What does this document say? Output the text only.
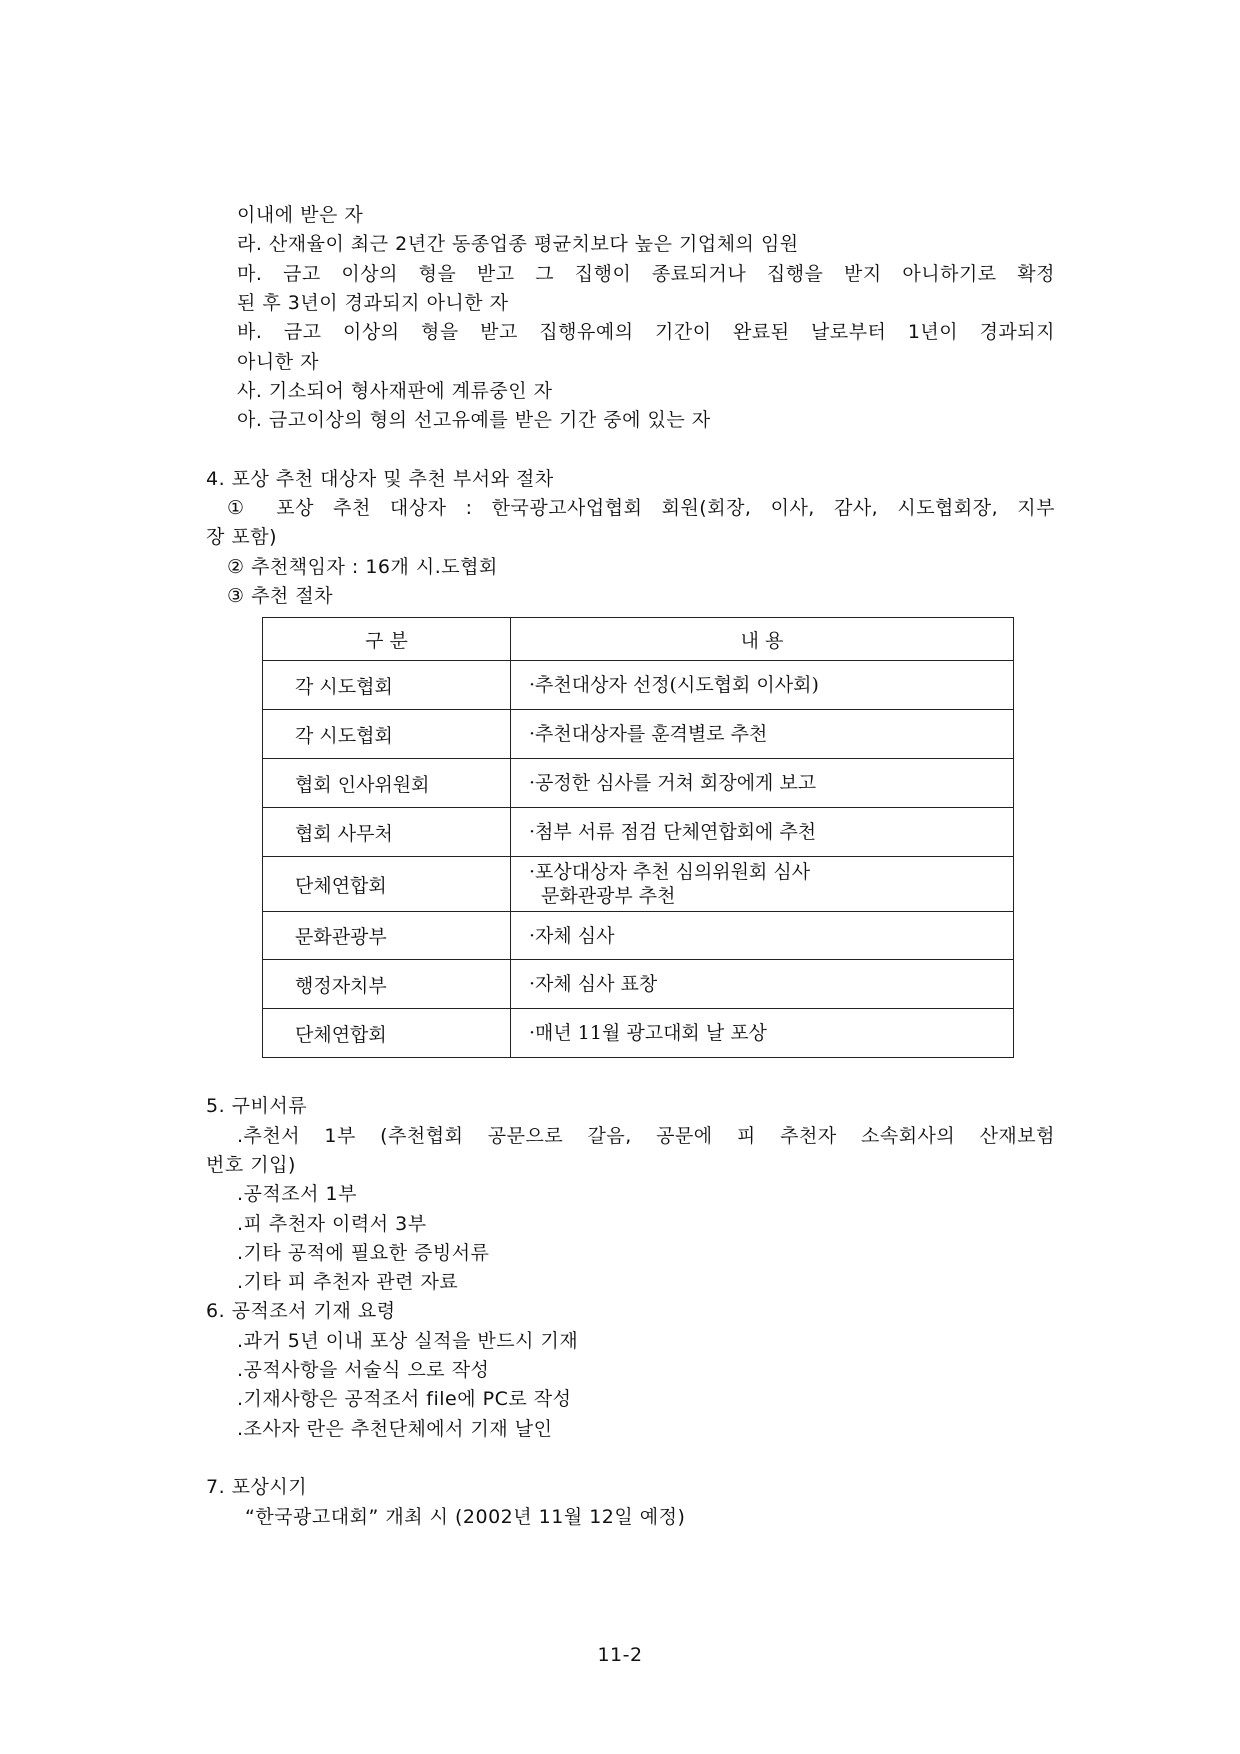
이내에 받은 자
라. 산재율이 최근 2년간 동종업종 평균치보다 높은 기업체의 임원
마. 금고 이상의 형을 받고 그 집행이 종료되거나 집행을 받지 아니하기로 확정
된 후 3년이 경과되지 아니한 자
바. 금고 이상의 형을 받고 집행유예의 기간이 완료된 날로부터 1년이 경과되지
아니한 자
사. 기소되어 형사재판에 계류중인 자
아. 금고이상의 형의 선고유예를 받은 기간 중에 있는 자
4. 포상 추천 대상자 및 추천 부서와 절차
① 포상 추천 대상자 : 한국광고사업협회 회원(회장, 이사, 감사, 시도협회장, 지부
장 포함)
② 추천책임자 : 16개 시.도협회
③ 추천 절차
구 분	내 용
각 시도협회	·추천대상자 선정(시도협회 이사회)

각 시도협회	·추천대상자를 훈격별로 추천

협회 인사위원회	·공정한 심사를 거쳐 회장에게 보고

협회 사무처	·첨부 서류 점검 단체연합회에 추천

단체연합회	·포상대상자 추천 심의위원회 심사
문화관광부 추천

문화관광부	·자체 심사

행정자치부	·자체 심사 표창

단체연합회	·매년 11월 광고대회 날 포상
5. 구비서류
.추천서 1부 (추천협회 공문으로 갈음, 공문에 피 추천자 소속회사의 산재보험
번호 기입)
.공적조서 1부
.피 추천자 이력서 3부
.기타 공적에 필요한 증빙서류
.기타 피 추천자 관련 자료
6. 공적조서 기재 요령
.과거 5년 이내 포상 실적을 반드시 기재
.공적사항을 서술식 으로 작성
.기재사항은 공적조서 file에 PC로 작성
.조사자 란은 추천단체에서 기재 날인
7. 포상시기
“한국광고대회” 개최 시 (2002년 11월 12일 예정)
11-2
